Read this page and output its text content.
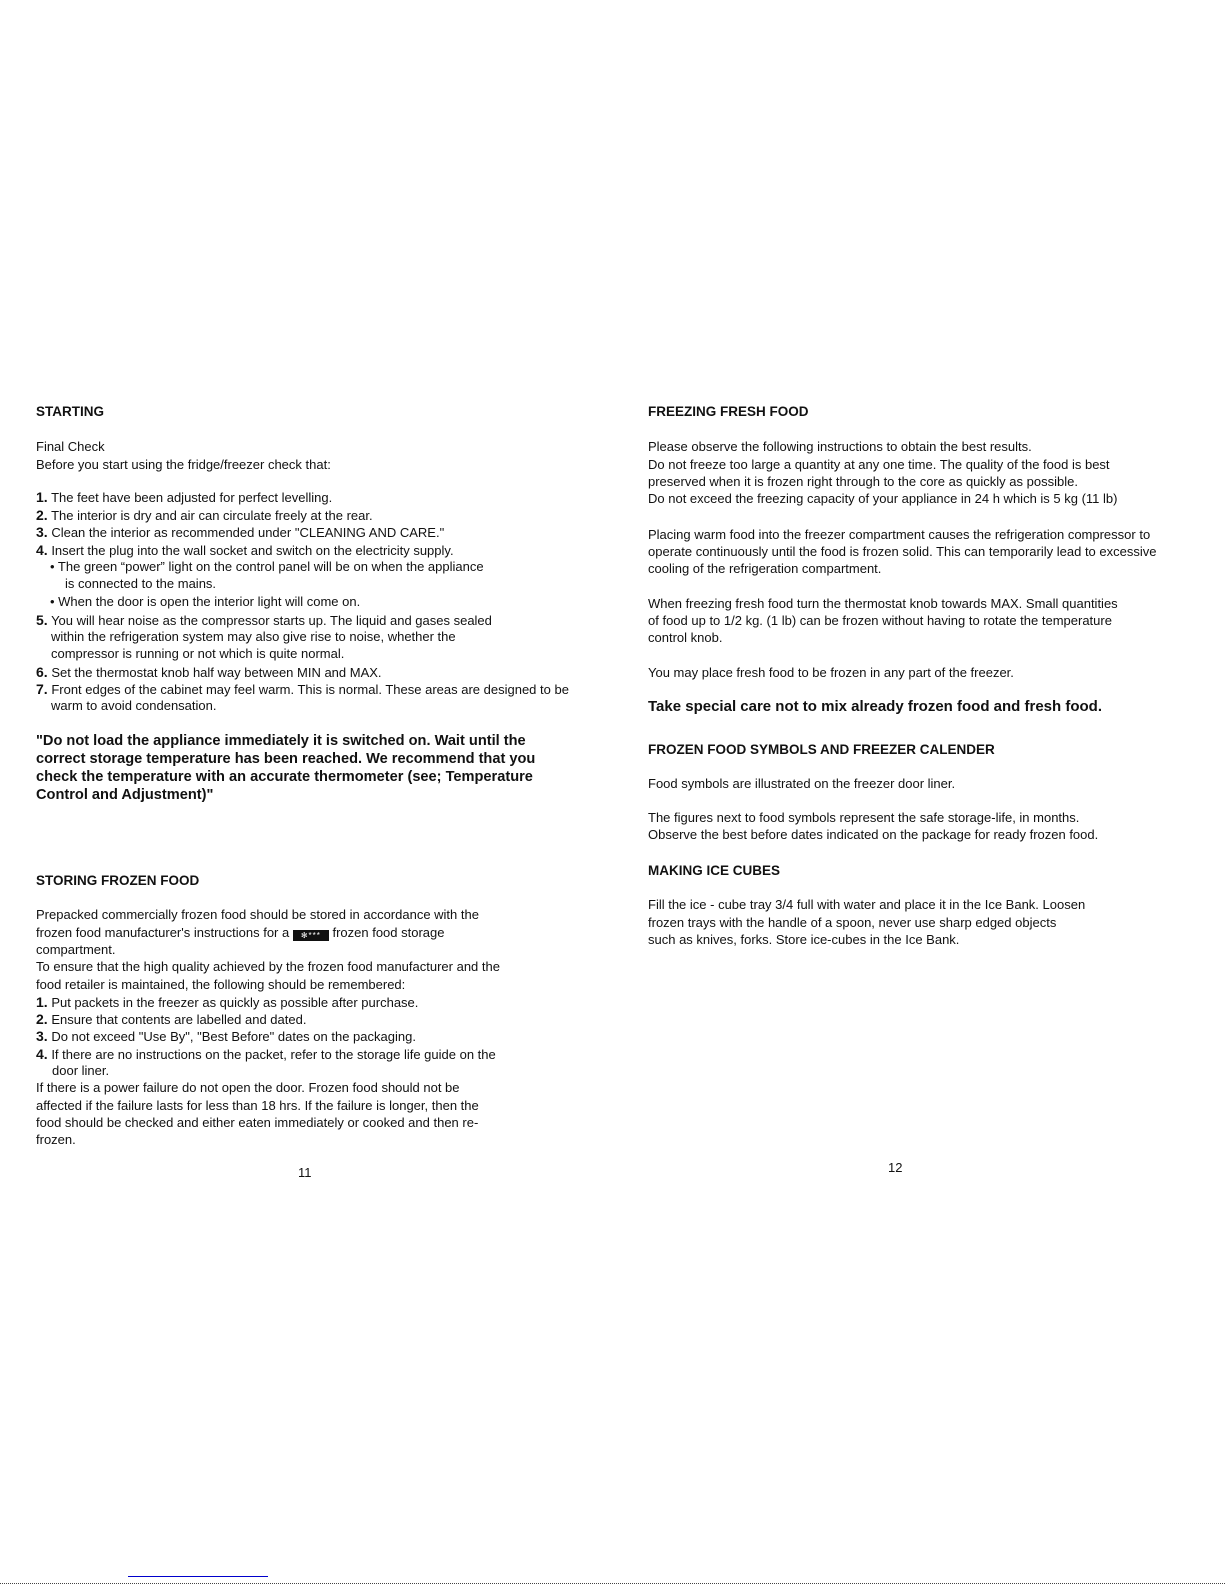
STARTING
Final Check
Before you start using the fridge/freezer check that:
1. The feet have been adjusted for perfect levelling.
2. The interior is dry and air can circulate freely at the rear.
3. Clean the interior as recommended under "CLEANING AND CARE."
4. Insert the plug into the wall socket and switch on the electricity supply.
• The green “power” light on the control panel will be on when the appliance
is connected to the mains.
• When the door is open the interior light will come on.
5. You will hear noise as the compressor starts up. The liquid and gases sealed
within the refrigeration system may also give rise to noise, whether the
compressor is running or not which is quite normal.
6. Set the thermostat knob half way between MIN and MAX.
7. Front edges of the cabinet may feel warm. This is normal. These areas are designed to be
warm to avoid condensation.
"Do not load the appliance immediately it is switched on. Wait until the
correct storage temperature has been reached. We recommend that you
check the temperature with an accurate thermometer (see; Temperature
Control and Adjustment)"
STORING FROZEN FOOD
Prepacked commercially frozen food should be stored in accordance with the
frozen food manufacturer's instructions for a ✻*** frozen food storage
compartment.
To ensure that the high quality achieved by the frozen food manufacturer and the
food retailer is maintained, the following should be remembered:
1. Put packets in the freezer as quickly as possible after purchase.
2. Ensure that contents are labelled and dated.
3. Do not exceed "Use By", "Best Before" dates on the packaging.
4. If there are no instructions on the packet, refer to the storage life guide on the
door liner.
If there is a power failure do not open the door. Frozen food should not be
affected if the failure lasts for less than 18 hrs. If the failure is longer, then the
food should be checked and either eaten immediately or cooked and then re-
frozen.
11
FREEZING FRESH FOOD
Please observe the following instructions to obtain the best results.
Do not freeze too large a quantity at any one time. The quality of the food is best
preserved when it is frozen right through to the core as quickly as possible.
Do not exceed the freezing capacity of your appliance in 24 h which is 5 kg (11 lb)
Placing warm food into the freezer compartment causes the refrigeration compressor to
operate continuously until the food is frozen solid. This can temporarily lead to excessive
cooling of the refrigeration compartment.
When freezing fresh food turn the thermostat knob towards MAX. Small quantities
of food up to 1/2 kg. (1 lb) can be frozen without having to rotate the temperature
control knob.
You may place fresh food to be frozen in any part of the freezer.
Take special care not to mix already frozen food and fresh food.
FROZEN FOOD SYMBOLS AND FREEZER CALENDER
Food symbols are illustrated on the freezer door liner.
The figures next to food symbols represent the safe storage-life, in months.
Observe the best before dates indicated on the package for ready frozen food.
MAKING ICE CUBES
Fill the ice - cube tray 3/4 full with water and place it in the Ice Bank. Loosen
frozen trays with the handle of a spoon, never use sharp edged objects
such as knives, forks. Store ice-cubes in the Ice Bank.
12
